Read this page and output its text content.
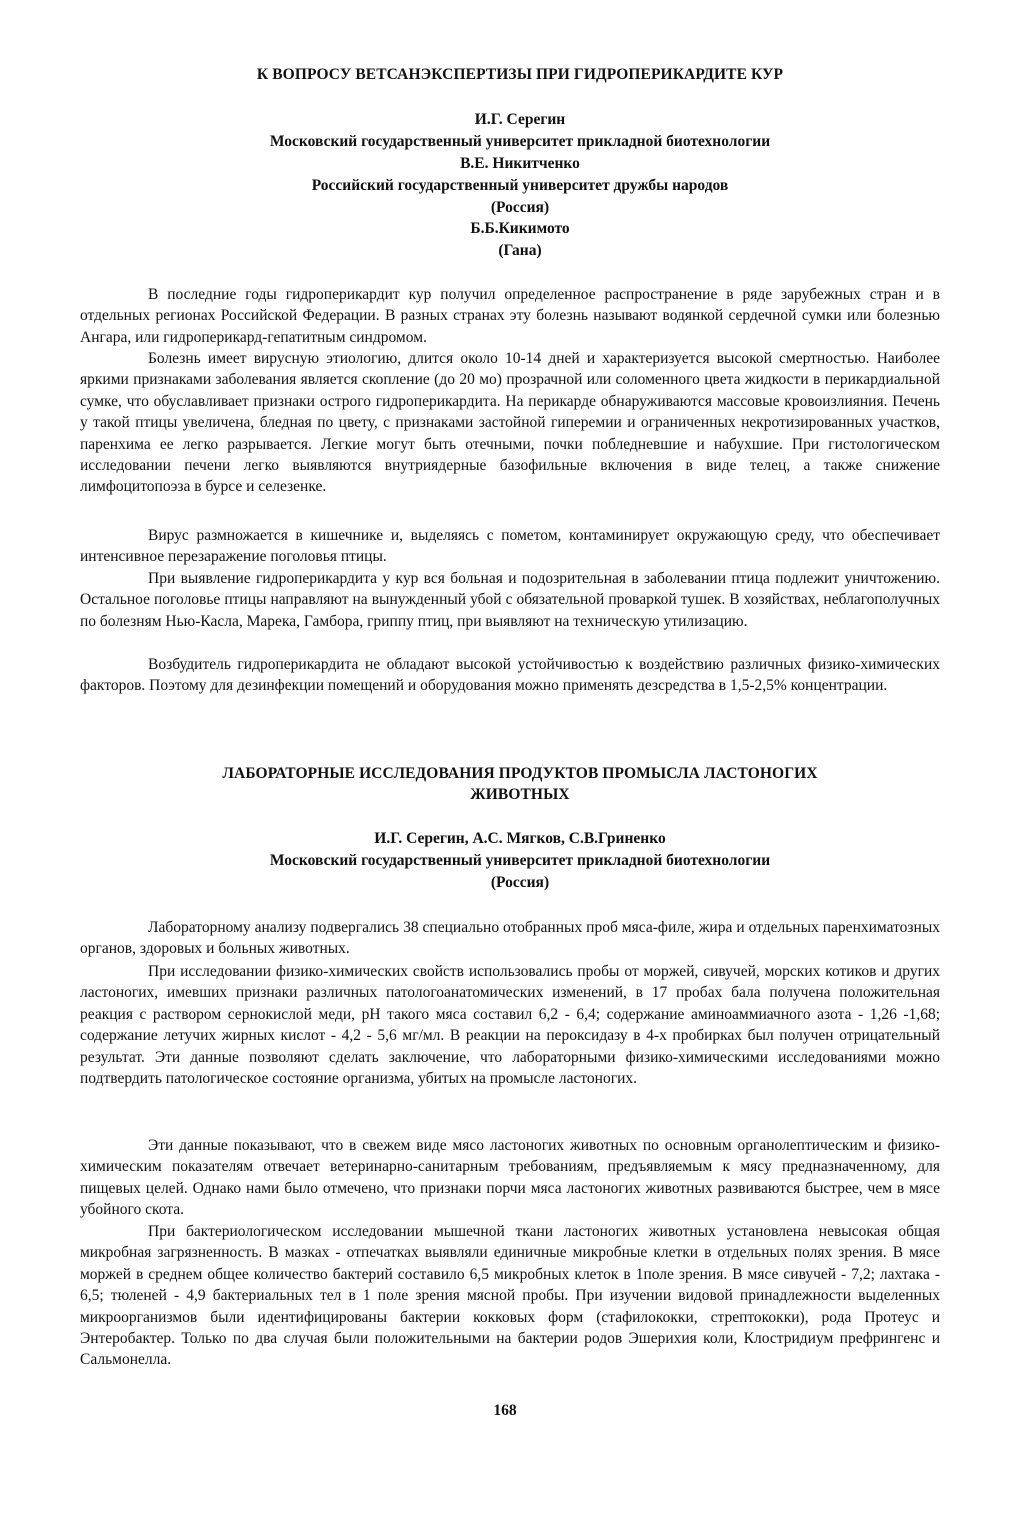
К ВОПРОСУ ВЕТСАНЭКСПЕРТИЗЫ ПРИ ГИДРОПЕРИКАРДИТЕ КУР
И.Г. Серегин
Московский государственный университет прикладной биотехнологии
В.Е. Никитченко
Российский государственный университет дружбы народов
(Россия)
Б.Б.Кикимото
(Гана)

В последние годы гидроперикардит кур получил определенное распространение в ряде зарубежных стран и в отдельных регионах Российской Федерации. В разных странах эту болезнь называют водянкой сердечной сумки или болезнью Ангара, или гидроперикард-гепатитным синдромом.

Болезнь имеет вирусную этиологию, длится около 10-14 дней и характеризуется высокой смертностью. Наиболее яркими признаками заболевания является скопление (до 20 мо) прозрачной или соломенного цвета жидкости в перикардиальной сумке, что обуславливает признаки острого гидроперикардита. На перикарде обнаруживаются массовые кровоизлияния. Печень у такой птицы увеличена, бледная по цвету, с признаками застойной гиперемии и ограниченных некротизированных участков, паренхима ее легко разрывается. Легкие могут быть отечными, почки побледневшие и набухшие. При гистологическом исследовании печени легко выявляются внутриядерные базофильные включения в виде телец, а также снижение лимфоцитопоэза в бурсе и селезенке.

Вирус размножается в кишечнике и, выделяясь с пометом, контаминирует окружающую среду, что обеспечивает интенсивное перезаражение поголовья птицы.

При выявление гидроперикардита у кур вся больная и подозрительная в заболевании птица подлежит уничтожению. Остальное поголовье птицы направляют на вынужденный убой с обязательной проваркой тушек. В хозяйствах, неблагополучных по болезням Нью-Касла, Марека, Гамбора, гриппу птиц, при выявляют на техническую утилизацию.

Возбудитель гидроперикардита не обладают высокой устойчивостью к воздействию различных физико-химических факторов. Поэтому для дезинфекции помещений и оборудования можно применять дезсредства в 1,5-2,5% концентрации.

ЛАБОРАТОРНЫЕ ИССЛЕДОВАНИЯ ПРОДУКТОВ ПРОМЫСЛА ЛАСТОНОГИХ
ЖИВОТНЫХ
И.Г. Серегин, А.С. Мягков, С.В.Гриненко
Московский государственный университет прикладной биотехнологии
(Россия)

Лабораторному анализу подвергались 38 специально отобранных проб мяса-филе, жира и отдельных паренхиматозных органов, здоровых и больных животных.

При исследовании физико-химических свойств использовались пробы от моржей, сивучей, морских котиков и других ластоногих, имевших признаки различных патологоанатомических изменений, в 17 пробах бала получена положительная реакция с раствором сернокислой меди, pH такого мяса составил 6,2 - 6,4; содержание аминоаммиачного азота - 1,26 -1,68; содержание летучих жирных кислот - 4,2 - 5,6 мг/мл. В реакции на пероксидазу в 4-х пробирках был получен отрицательный результат. Эти данные позволяют сделать заключение, что лабораторными физико-химическими исследованиями можно подтвердить патологическое состояние организма, убитых на промысле ластоногих.

Эти данные показывают, что в свежем виде мясо ластоногих животных по основным органолептическим и физико-химическим показателям отвечает ветеринарно-санитарным требованиям, предъявляемым к мясу предназначенному, для пищевых целей. Однако нами было отмечено, что признаки порчи мяса ластоногих животных развиваются быстрее, чем в мясе убойного скота.

При бактериологическом исследовании мышечной ткани ластоногих животных установлена невысокая общая микробная загрязненность. В мазках - отпечатках выявляли единичные микробные клетки в отдельных полях зрения. В мясе моржей в среднем общее количество бактерий составило 6,5 микробных клеток в 1поле зрения. В мясе сивучей - 7,2; лахтака - 6,5; тюленей - 4,9 бактериальных тел в 1 поле зрения мясной пробы. При изучении видовой принадлежности выделенных микроорганизмов были идентифицированы бактерии кокковых форм (стафилококки, стрептококки), рода Протеус и Энтеробактер. Только по два случая были положительными на бактерии родов Эшерихия коли, Клостридиум префрингенс и Сальмонелла.

168
